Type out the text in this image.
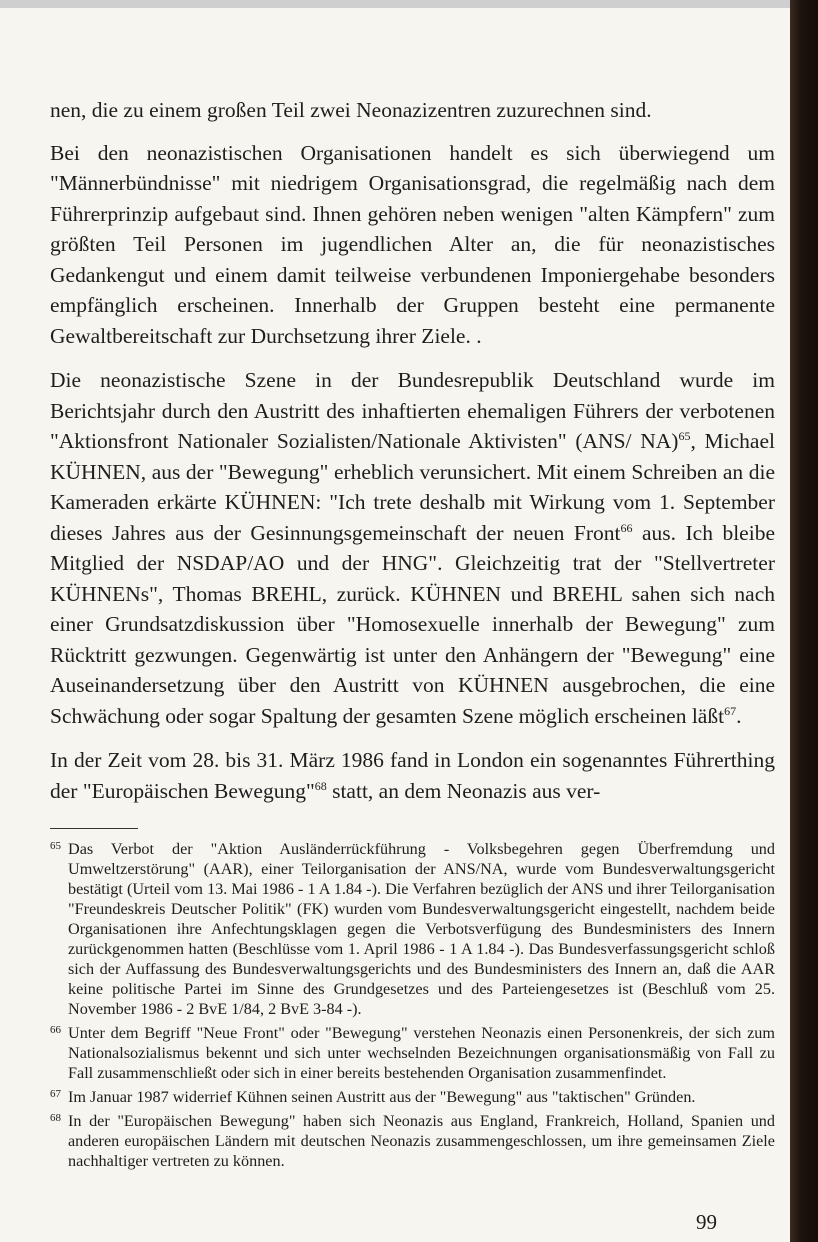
nen, die zu einem großen Teil zwei Neonazizentren zuzurechnen sind.

Bei den neonazistischen Organisationen handelt es sich überwiegend um "Männerbündnisse" mit niedrigem Organisationsgrad, die regelmäßig nach dem Führerprinzip aufgebaut sind. Ihnen gehören neben wenigen "alten Kämpfern" zum größten Teil Personen im jugendlichen Alter an, die für neonazistisches Gedankengut und einem damit teilweise verbundenen Imponiergehabe besonders empfänglich erscheinen. Innerhalb der Gruppen besteht eine permanente Gewaltbereitschaft zur Durchsetzung ihrer Ziele. .

Die neonazistische Szene in der Bundesrepublik Deutschland wurde im Berichtsjahr durch den Austritt des inhaftierten ehemaligen Führers der verbotenen "Aktionsfront Nationaler Sozialisten/Nationale Aktivisten" (ANS/ NA)$^{65}$, Michael KÜHNEN, aus der "Bewegung" erheblich verunsichert. Mit einem Schreiben an die Kameraden erkärte KÜHNEN: "Ich trete deshalb mit Wirkung vom 1. September dieses Jahres aus der Gesinnungsgemeinschaft der neuen Front$^{66}$ aus. Ich bleibe Mitglied der NSDAP/AO und der HNG". Gleichzeitig trat der "Stellvertreter KÜHNENs", Thomas BREHL, zurück. KÜHNEN und BREHL sahen sich nach einer Grundsatzdiskussion über "Homosexuelle innerhalb der Bewegung" zum Rücktritt gezwungen. Gegenwärtig ist unter den Anhängern der "Bewegung" eine Auseinandersetzung über den Austritt von KÜHNEN ausgebrochen, die eine Schwächung oder sogar Spaltung der gesamten Szene möglich erscheinen läßt$^{67}$.

In der Zeit vom 28. bis 31. März 1986 fand in London ein sogenanntes Führerthing der "Europäischen Bewegung"$^{68}$ statt, an dem Neonazis aus ver-

65 Das Verbot der "Aktion Ausländerrückführung - Volksbegehren gegen Überfremdung und Umweltzerstörung" (AAR), einer Teilorganisation der ANS/NA, wurde vom Bundesverwaltungsgericht bestätigt (Urteil vom 13. Mai 1986 - 1 A 1.84 -). Die Verfahren bezüglich der ANS und ihrer Teilorganisation "Freundeskreis Deutscher Politik" (FK) wurden vom Bundesverwaltungsgericht eingestellt, nachdem beide Organisationen ihre Anfechtungsklagen gegen die Verbotsverfügung des Bundesministers des Innern zurückgenommen hatten (Beschlüsse vom 1. April 1986 - 1 A 1.84 -). Das Bundesverfassungsgericht schloß sich der Auffassung des Bundesverwaltungsgerichts und des Bundesministers des Innern an, daß die AAR keine politische Partei im Sinne des Grundgesetzes und des Parteiengesetzes ist (Beschluß vom 25. November 1986 - 2 BvE 1/84, 2 BvE 3-84 -).

66 Unter dem Begriff "Neue Front" oder "Bewegung" verstehen Neonazis einen Personenkreis, der sich zum Nationalsozialismus bekennt und sich unter wechselnden Bezeichnungen organisationsmäßig von Fall zu Fall zusammenschließt oder sich in einer bereits bestehenden Organisation zusammenfindet.

67 Im Januar 1987 widerrief Kühnen seinen Austritt aus der "Bewegung" aus "taktischen" Gründen.

68 In der "Europäischen Bewegung" haben sich Neonazis aus England, Frankreich, Holland, Spanien und anderen europäischen Ländern mit deutschen Neonazis zusammengeschlossen, um ihre gemeinsamen Ziele nachhaltiger vertreten zu können.

99
